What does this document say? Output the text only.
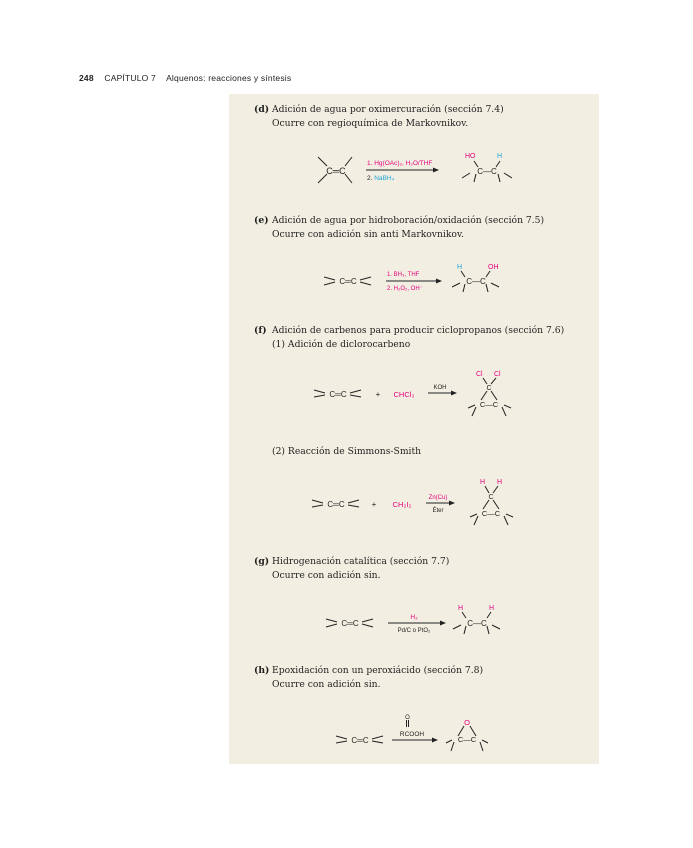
248 CAPÍTULO 7 Alquenos: reacciones y síntesis
(d) Adición de agua por oximercuración (sección 7.4)
Ocurre con regioquímica de Markovnikov.
C═C
1. Hg(OAc)₂, H₂O/THF
2. NaBH₄
HO	H
C—C
(e) Adición de agua por hidroboración/oxidación (sección 7.5)
Ocurre con adición sin anti Markovnikov.
C═C
1. BH₃, THF
2. H₂O₂, OH⁻
H	OH
C—C
(f) Adición de carbenos para producir ciclopropanos (sección 7.6)
(1) Adición de diclorocarbeno
C═C	+ CHCl₃
KOH
Cl Cl
C
C—C
(2) Reacción de Simmons-Smith
C═C	+ CH₂I₂
Zn(Cu)
Éter
H H
C
C—C
(g) Hidrogenación catalítica (sección 7.7)
Ocurre con adición sin.
C═C
H₂
Pd/C o PtO₂
H	H
C—C
(h) Epoxidación con un peroxiácido (sección 7.8)
Ocurre con adición sin.
C═C
O
RCOOH
O
C—C
